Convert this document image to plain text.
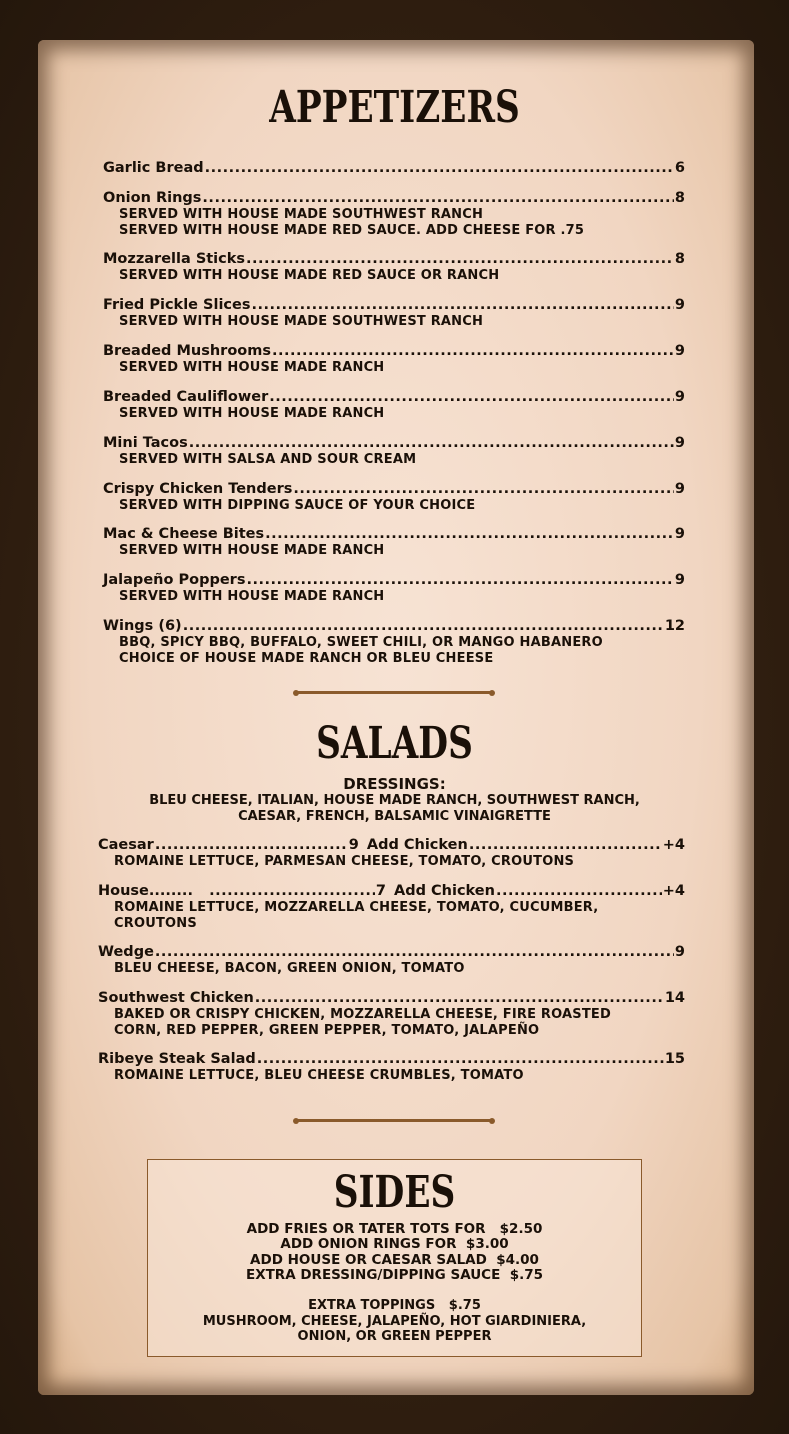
APPETIZERS
Garlic Bread .....	6
Onion Rings .....	8
SERVED WITH HOUSE MADE SOUTHWEST RANCH
SERVED WITH HOUSE MADE RED SAUCE. ADD CHEESE FOR .75
Mozzarella Sticks .....	8
SERVED WITH HOUSE MADE RED SAUCE OR RANCH
Fried Pickle Slices .....	9
SERVED WITH HOUSE MADE SOUTHWEST RANCH
Breaded Mushrooms .....	9
SERVED WITH HOUSE MADE RANCH
Breaded Cauliflower .....	9
SERVED WITH HOUSE MADE RANCH
Mini Tacos .....	9
SERVED WITH SALSA AND SOUR CREAM
Crispy Chicken Tenders .....	9
SERVED WITH DIPPING SAUCE OF YOUR CHOICE
Mac & Cheese Bites .....	9
SERVED WITH HOUSE MADE RANCH
Jalapeño Poppers .....	9
SERVED WITH HOUSE MADE RANCH
Wings (6) .....	12
BBQ, SPICY BBQ, BUFFALO, SWEET CHILI, OR MANGO HABANERO
CHOICE OF HOUSE MADE RANCH OR BLEU CHEESE
SALADS
DRESSINGS:
BLEU CHEESE, ITALIAN, HOUSE MADE RANCH, SOUTHWEST RANCH,
CAESAR, FRENCH, BALSAMIC VINAIGRETTE
Caesar .....	9 Add Chicken .....	+4
ROMAINE LETTUCE, PARMESAN CHEESE, TOMATO, CROUTONS
House........ .....	7 Add Chicken .....	+4
ROMAINE LETTUCE, MOZZARELLA CHEESE, TOMATO, CUCUMBER,
CROUTONS
Wedge .....	9
BLEU CHEESE, BACON, GREEN ONION, TOMATO
Southwest Chicken .....	14
BAKED OR CRISPY CHICKEN, MOZZARELLA CHEESE, FIRE ROASTED
CORN, RED PEPPER, GREEN PEPPER, TOMATO, JALAPEÑO
Ribeye Steak Salad .....	15
ROMAINE LETTUCE, BLEU CHEESE CRUMBLES, TOMATO
SIDES
ADD FRIES OR TATER TOTS FOR   $2.50
ADD ONION RINGS FOR  $3.00
ADD HOUSE OR CAESAR SALAD  $4.00
EXTRA DRESSING/DIPPING SAUCE  $.75
EXTRA TOPPINGS   $.75
MUSHROOM, CHEESE, JALAPEÑO, HOT GIARDINIERA,
ONION, OR GREEN PEPPER
